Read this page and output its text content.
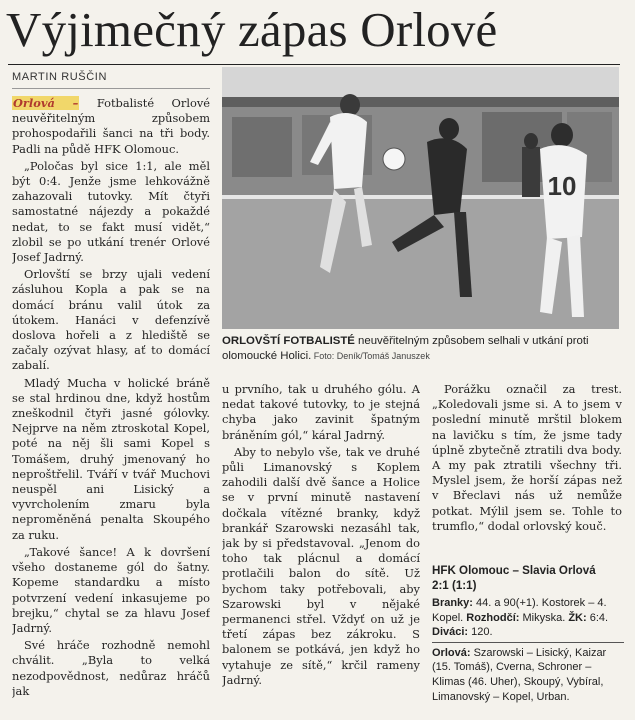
Výjimečný zápas Orlové
MARTIN RUŠČIN

Orlová – Fotbalisté Orlové neuvěřitelným způsobem prohospodařili šanci na tři body. Padli na půdě HFK Olomouc.

„Poločas byl sice 1:1, ale měl být 0:4. Jenže jsme lehkovážně zahazovali tutovky. Mít čtyři samostatné nájezdy a pokaždé nedat, to se fakt musí vidět,“ zlobil se po utkání trenér Orlové Josef Jadrný.

Orlovští se brzy ujali vedení zásluhou Kopla a pak se na domácí bránu valil útok za útokem. Hanáci v defenzívě doslova hořeli a z hlediště se začaly ozývat hlasy, ať to domácí zabalí.

Mladý Mucha v holické bráně se stal hrdinou dne, když hostům zneškodnil čtyři jasné gólovky. Nejprve na něm ztroskotal Kopel, poté na něj šli sami Kopel s Tomášem, druhý jmenovaný ho neproštřelil. Tváří v tvář Muchovi neuspěl ani Lisický a vyvrcholením zmaru byla neproměněná penalta Skoupého za ruku.

„Takové šance! A k dovršení všeho dostaneme gól do šatny. Kopeme standardku a místo potvrzení vedení inkasujeme po brejku,“ chytal se za hlavu Josef Jadrný.

Své hráče rozhodně nemohl chválit. „Byla to velká nezodpovědnost, nedůraz hráčů jak

10
ORLOVŠTÍ FOTBALISTÉ neuvěřitelným způsobem selhali v utkání proti olomoucké Holici. Foto: Deník/Tomáš Januszek

u prvního, tak u druhého gólu. A nedat takové tutovky, to je stejná chyba jako zavinit špatným bráněním gól,“ káral Jadrný.

Aby to nebylo vše, tak ve druhé půli Limanovský s Koplem zahodili další dvě šance a Holice se v první minutě nastavení dočkala vítězné branky, když brankář Szarowski nezasáhl tak, jak by si představoval. „Jenom do toho tak plácnul a domácí protlačili balon do sítě. Už bychom taky potřebovali, aby Szarowski byl v nějaké permanenci střel. Vždyť on už je třetí zápas bez zákroku. S balonem se potkává, jen když ho vytahuje ze sítě,“ krčil rameny Jadrný.

Porážku označil za trest. „Koledovali jsme si. A to jsem v poslední minutě mrštil blokem na lavičku s tím, že jsme tady úplně zbytečně ztratili dva body. A my pak ztratili všechny tři. Myslel jsem, že horší zápas než v Břeclavi nás už nemůže potkat. Mýlil jsem se. Tohle to trumflo,“ dodal orlovský kouč.

HFK Olomouc – Slavia Orlová
2:1 (1:1)
Branky: 44. a 90(+1). Kostorek – 4. Kopel. Rozhodčí: Mikyska. ŽK: 6:4. Diváci: 120.
Orlová: Szarowski – Lisický, Kaizar (15. Tomáš), Cverna, Schroner – Klimas (46. Uher), Skoupý, Vybíral, Limanovský – Kopel, Urban.
